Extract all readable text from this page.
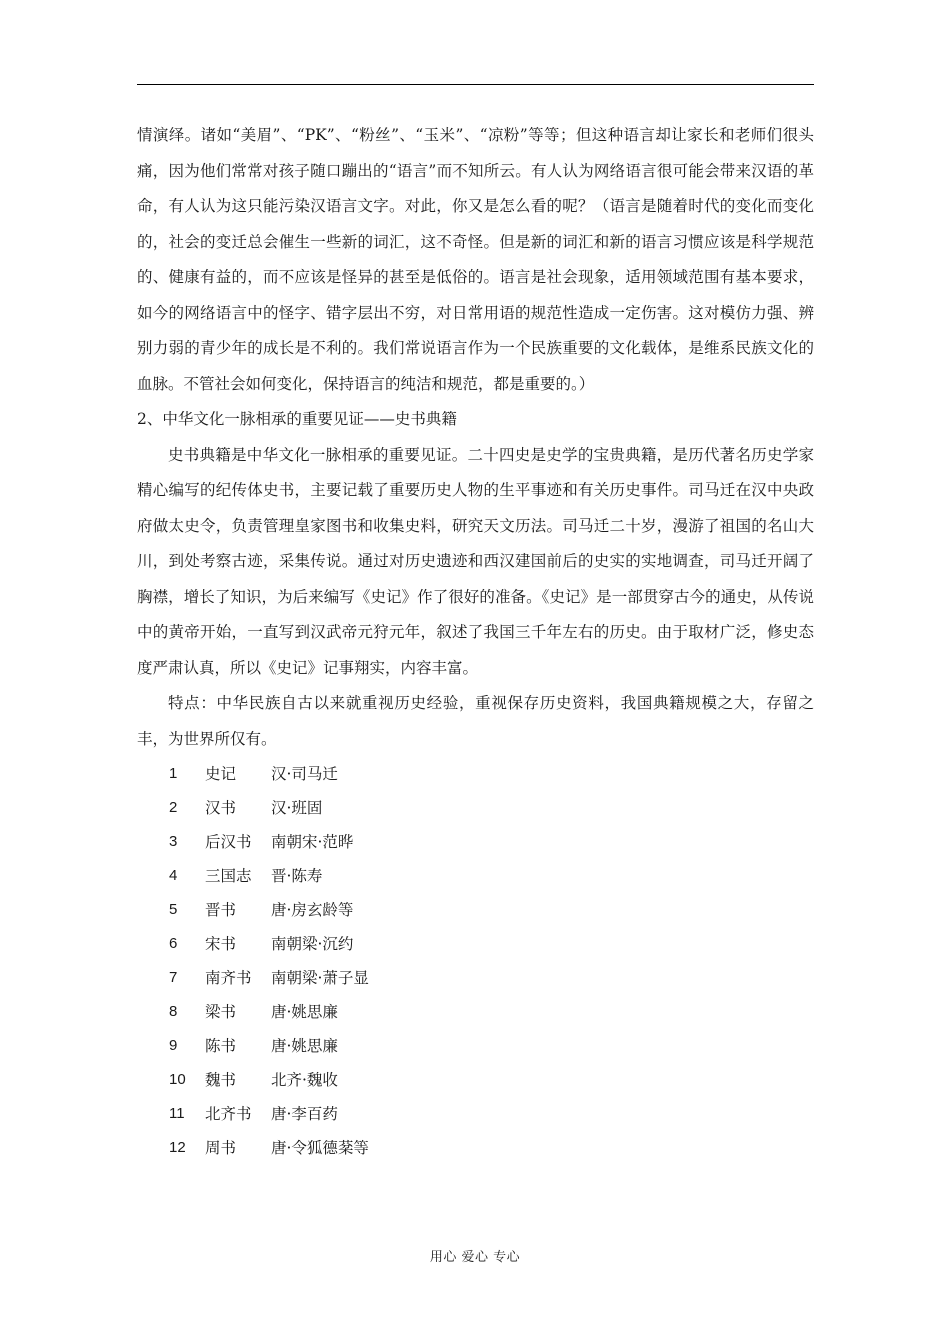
情演绎。诸如“美眉”、“PK”、“粉丝”、“玉米”、“凉粉”等等；但这种语言却让家长和老师们很头痛，因为他们常常对孩子随口蹦出的“语言”而不知所云。有人认为网络语言很可能会带来汉语的革命，有人认为这只能污染汉语言文字。对此，你又是怎么看的呢？（语言是随着时代的变化而变化的，社会的变迁总会催生一些新的词汇，这不奇怪。但是新的词汇和新的语言习惯应该是科学规范的、健康有益的，而不应该是怪异的甚至是低俗的。语言是社会现象，适用领域范围有基本要求，如今的网络语言中的怪字、错字层出不穷，对日常用语的规范性造成一定伤害。这对模仿力强、辨别力弱的青少年的成长是不利的。我们常说语言作为一个民族重要的文化载体，是维系民族文化的血脉。不管社会如何变化，保持语言的纯洁和规范，都是重要的。）

2、中华文化一脉相承的重要见证——史书典籍

史书典籍是中华文化一脉相承的重要见证。二十四史是史学的宝贵典籍，是历代著名历史学家精心编写的纪传体史书，主要记载了重要历史人物的生平事迹和有关历史事件。司马迁在汉中央政府做太史令，负责管理皇家图书和收集史料，研究天文历法。司马迁二十岁，漫游了祖国的名山大川，到处考察古迹，采集传说。通过对历史遗迹和西汉建国前后的史实的实地调查，司马迁开阔了胸襟，增长了知识，为后来编写《史记》作了很好的准备。《史记》是一部贯穿古今的通史，从传说中的黄帝开始，一直写到汉武帝元狩元年，叙述了我国三千年左右的历史。由于取材广泛，修史态度严肃认真，所以《史记》记事翔实，内容丰富。

特点：中华民族自古以来就重视历史经验，重视保存历史资料，我国典籍规模之大，存留之丰，为世界所仅有。

1	史记	汉·司马迁
2	汉书	汉·班固
3	后汉书	南朝宋·范晔
4	三国志	晋·陈寿
5	晋书	唐·房玄龄等
6	宋书	南朝梁·沉约
7	南齐书	南朝梁·萧子显
8	梁书	唐·姚思廉
9	陈书	唐·姚思廉
10	魏书	北齐·魏收
11	北齐书	唐·李百药
12	周书	唐·令狐德棻等
用心 爱心 专心
